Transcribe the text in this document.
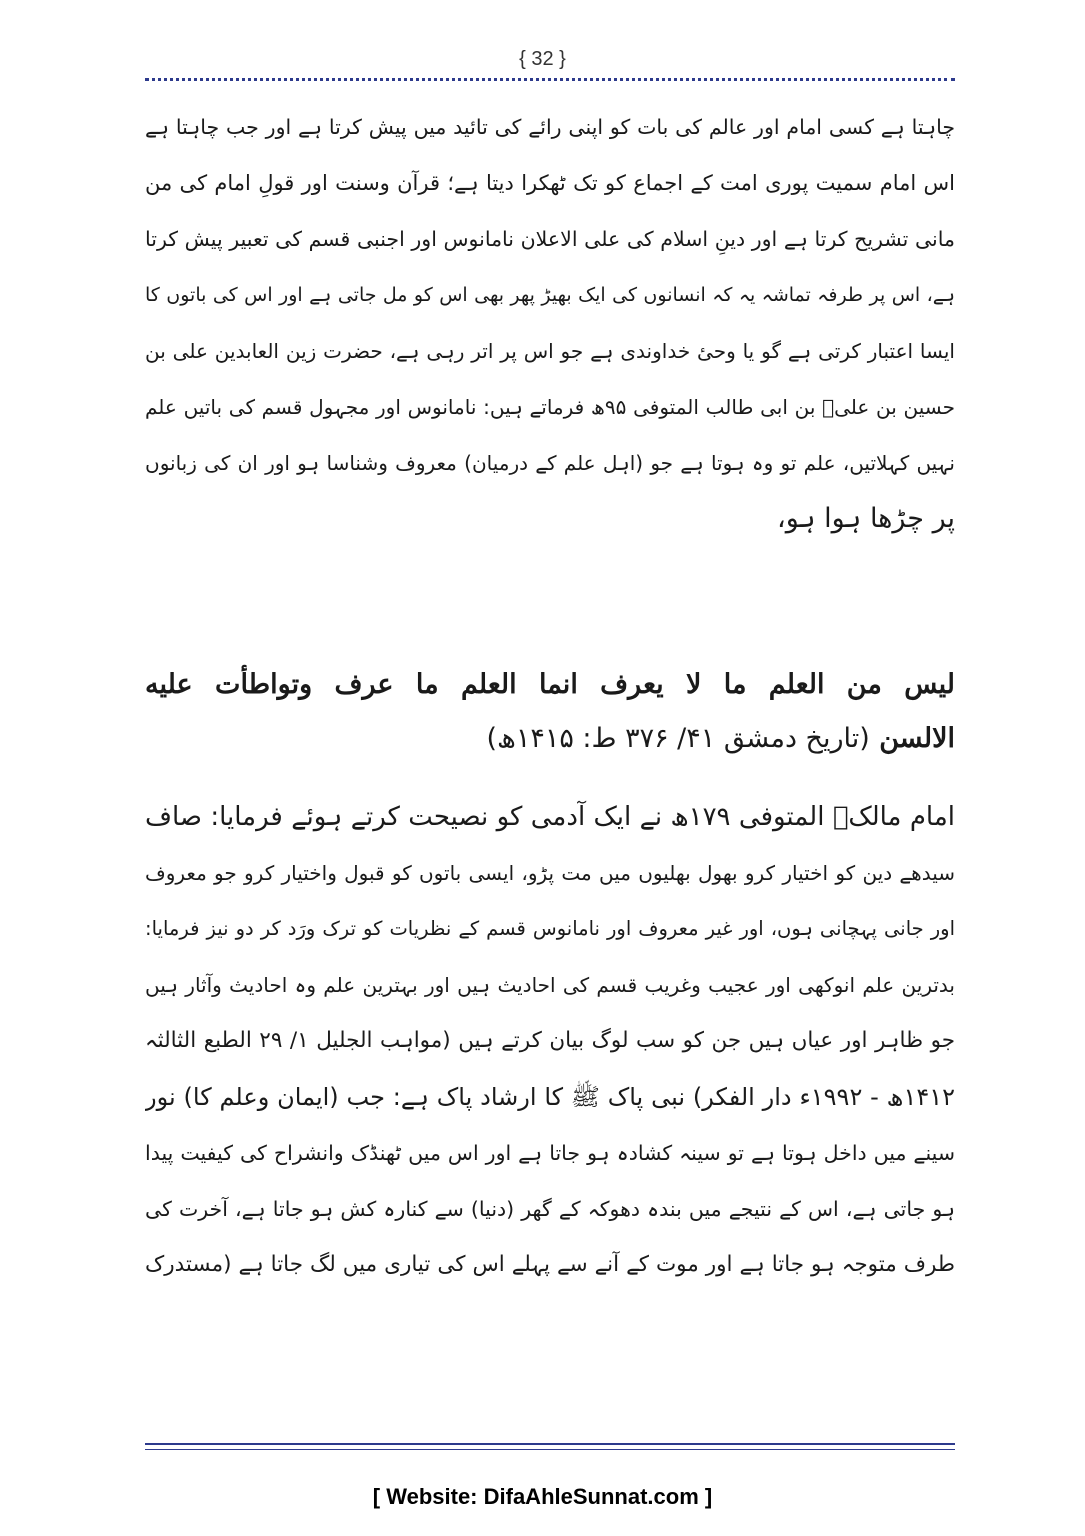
{ 32 }
چاہتا ہے کسی امام اور عالم کی بات کو اپنی رائے کی تائید میں پیش کرتا ہے اور جب چاہتا ہے
اس امام سمیت پوری امت کے اجماع کو تک ٹھکرا دیتا ہے؛ قرآن وسنت اور قولِ امام کی من
مانی تشریح کرتا ہے اور دینِ اسلام کی علی الاعلان نامانوس اور اجنبی قسم کی تعبیر پیش کرتا
ہے، اس پر طرفہ تماشہ یہ کہ انسانوں کی ایک بھیڑ پھر بھی اس کو مل جاتی ہے اور اس کی باتوں کا
ایسا اعتبار کرتی ہے گو یا وحیٔ خداوندی ہے جو اس پر اتر رہی ہے، حضرت زین العابدین علی بن
حسین بن علیؓ بن ابی طالب المتوفی ۹۵ھ فرماتے ہیں: نامانوس اور مجہول قسم کی باتیں علم
نہیں کہلاتیں، علم تو وہ ہوتا ہے جو (اہل علم کے درمیان) معروف وشناسا ہو اور ان کی زبانوں
پر چڑھا ہوا ہو،
ليس من العلم ما لا يعرف انما العلم ما عرف وتواطأت عليه
الالسن (تاریخ دمشق ۴۱/ ۳۷۶ ط: ۱۴۱۵ھ)
امام مالکؒ المتوفی ۱۷۹ھ نے ایک آدمی کو نصیحت کرتے ہوئے فرمایا: صاف
سیدھے دین کو اختیار کرو بھول بھلیوں میں مت پڑو، ایسی باتوں کو قبول واختیار کرو جو معروف
اور جانی پہچانی ہوں، اور غیر معروف اور نامانوس قسم کے نظریات کو ترک ورَد کر دو نیز فرمایا:
بدترین علم انوکھی اور عجیب وغریب قسم کی احادیث ہیں اور بہترین علم وہ احادیث وآثار ہیں
جو ظاہر اور عیاں ہیں جن کو سب لوگ بیان کرتے ہیں (مواہب الجلیل ۱/ ۲۹ الطبع الثالثہ
۱۴۱۲ھ - ۱۹۹۲ء دار الفکر) نبی پاک ﷺ کا ارشاد پاک ہے: جب (ایمان وعلم کا) نور
سینے میں داخل ہوتا ہے تو سینہ کشادہ ہو جاتا ہے اور اس میں ٹھنڈک وانشراح کی کیفیت پیدا
ہو جاتی ہے، اس کے نتیجے میں بندہ دھوکہ کے گھر (دنیا) سے کنارہ کش ہو جاتا ہے، آخرت کی
طرف متوجہ ہو جاتا ہے اور موت کے آنے سے پہلے اس کی تیاری میں لگ جاتا ہے (مستدرک
[ Website: DifaAhleSunnat.com ]
